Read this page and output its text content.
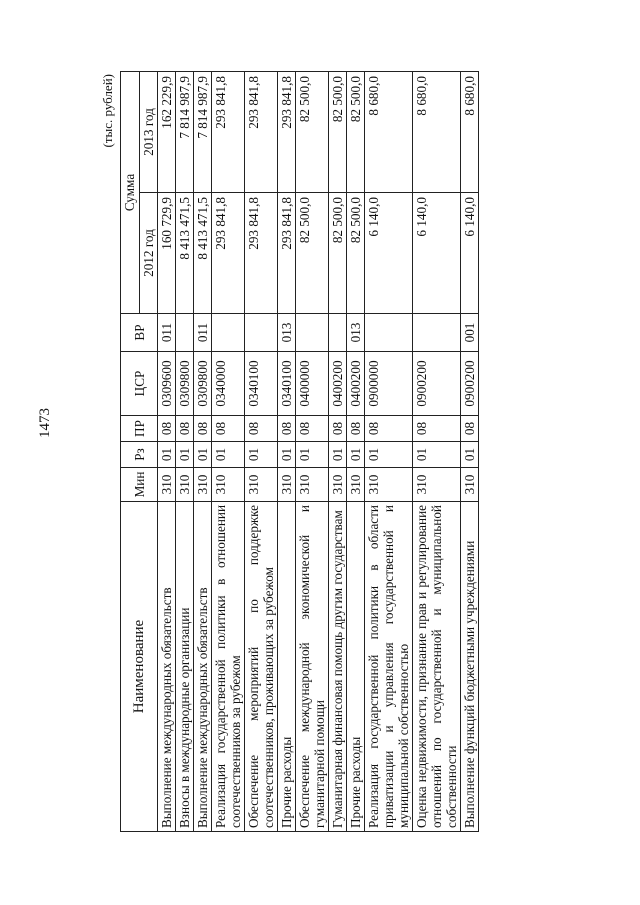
1473
(тыс. рублей)
Наименование	Мин	Рз	ПР	ЦСР	ВР	Сумма	
						2012 год	2013 год
Выполнение международных обязательств	310	01	08	0309600	011	160 729,9	162 229,9
Взносы в международные организации	310	01	08	0309800		8 413 471,5	7 814 987,9
Выполнение международных обязательств	310	01	08	0309800	011	8 413 471,5	7 814 987,9
Реализация государственной политики в отношении соотечественников за рубежом	310	01	08	0340000		293 841,8	293 841,8
Обеспечение мероприятий по поддержке соотечественников, проживающих за рубежом	310	01	08	0340100		293 841,8	293 841,8
Прочие расходы	310	01	08	0340100	013	293 841,8	293 841,8
Обеспечение международной экономической и гуманитарной помощи	310	01	08	0400000		82 500,0	82 500,0
Гуманитарная финансовая помощь другим государствам	310	01	08	0400200		82 500,0	82 500,0
Прочие расходы	310	01	08	0400200	013	82 500,0	82 500,0
Реализация государственной политики в области приватизации и управления государственной и муниципальной собственностью	310	01	08	0900000		6 140,0	8 680,0
Оценка недвижимости, признание прав и регулирование отношений по государственной и муниципальной собственности	310	01	08	0900200		6 140,0	8 680,0
Выполнение функций бюджетными учреждениями	310	01	08	0900200	001	6 140,0	8 680,0
